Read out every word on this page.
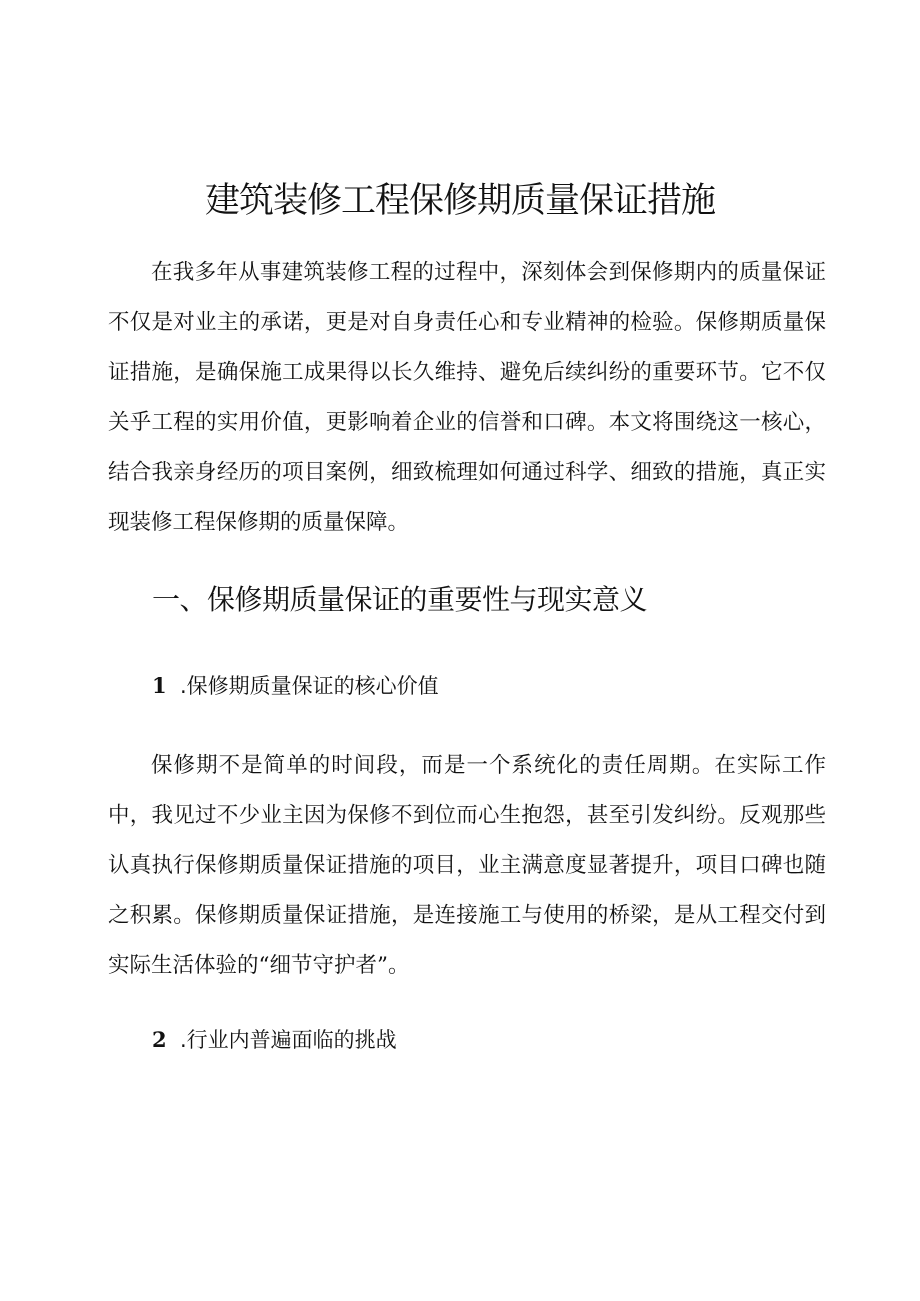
建筑装修工程保修期质量保证措施

在我多年从事建筑装修工程的过程中，深刻体会到保修期内的质量保证不仅是对业主的承诺，更是对自身责任心和专业精神的检验。保修期质量保证措施，是确保施工成果得以长久维持、避免后续纠纷的重要环节。它不仅关乎工程的实用价值，更影响着企业的信誉和口碑。本文将围绕这一核心，结合我亲身经历的项目案例，细致梳理如何通过科学、细致的措施，真正实现装修工程保修期的质量保障。

一、保修期质量保证的重要性与现实意义
1 .保修期质量保证的核心价值

保修期不是简单的时间段，而是一个系统化的责任周期。在实际工作中，我见过不少业主因为保修不到位而心生抱怨，甚至引发纠纷。反观那些认真执行保修期质量保证措施的项目，业主满意度显著提升，项目口碑也随之积累。保修期质量保证措施，是连接施工与使用的桥梁，是从工程交付到实际生活体验的“细节守护者”。

2 .行业内普遍面临的挑战
